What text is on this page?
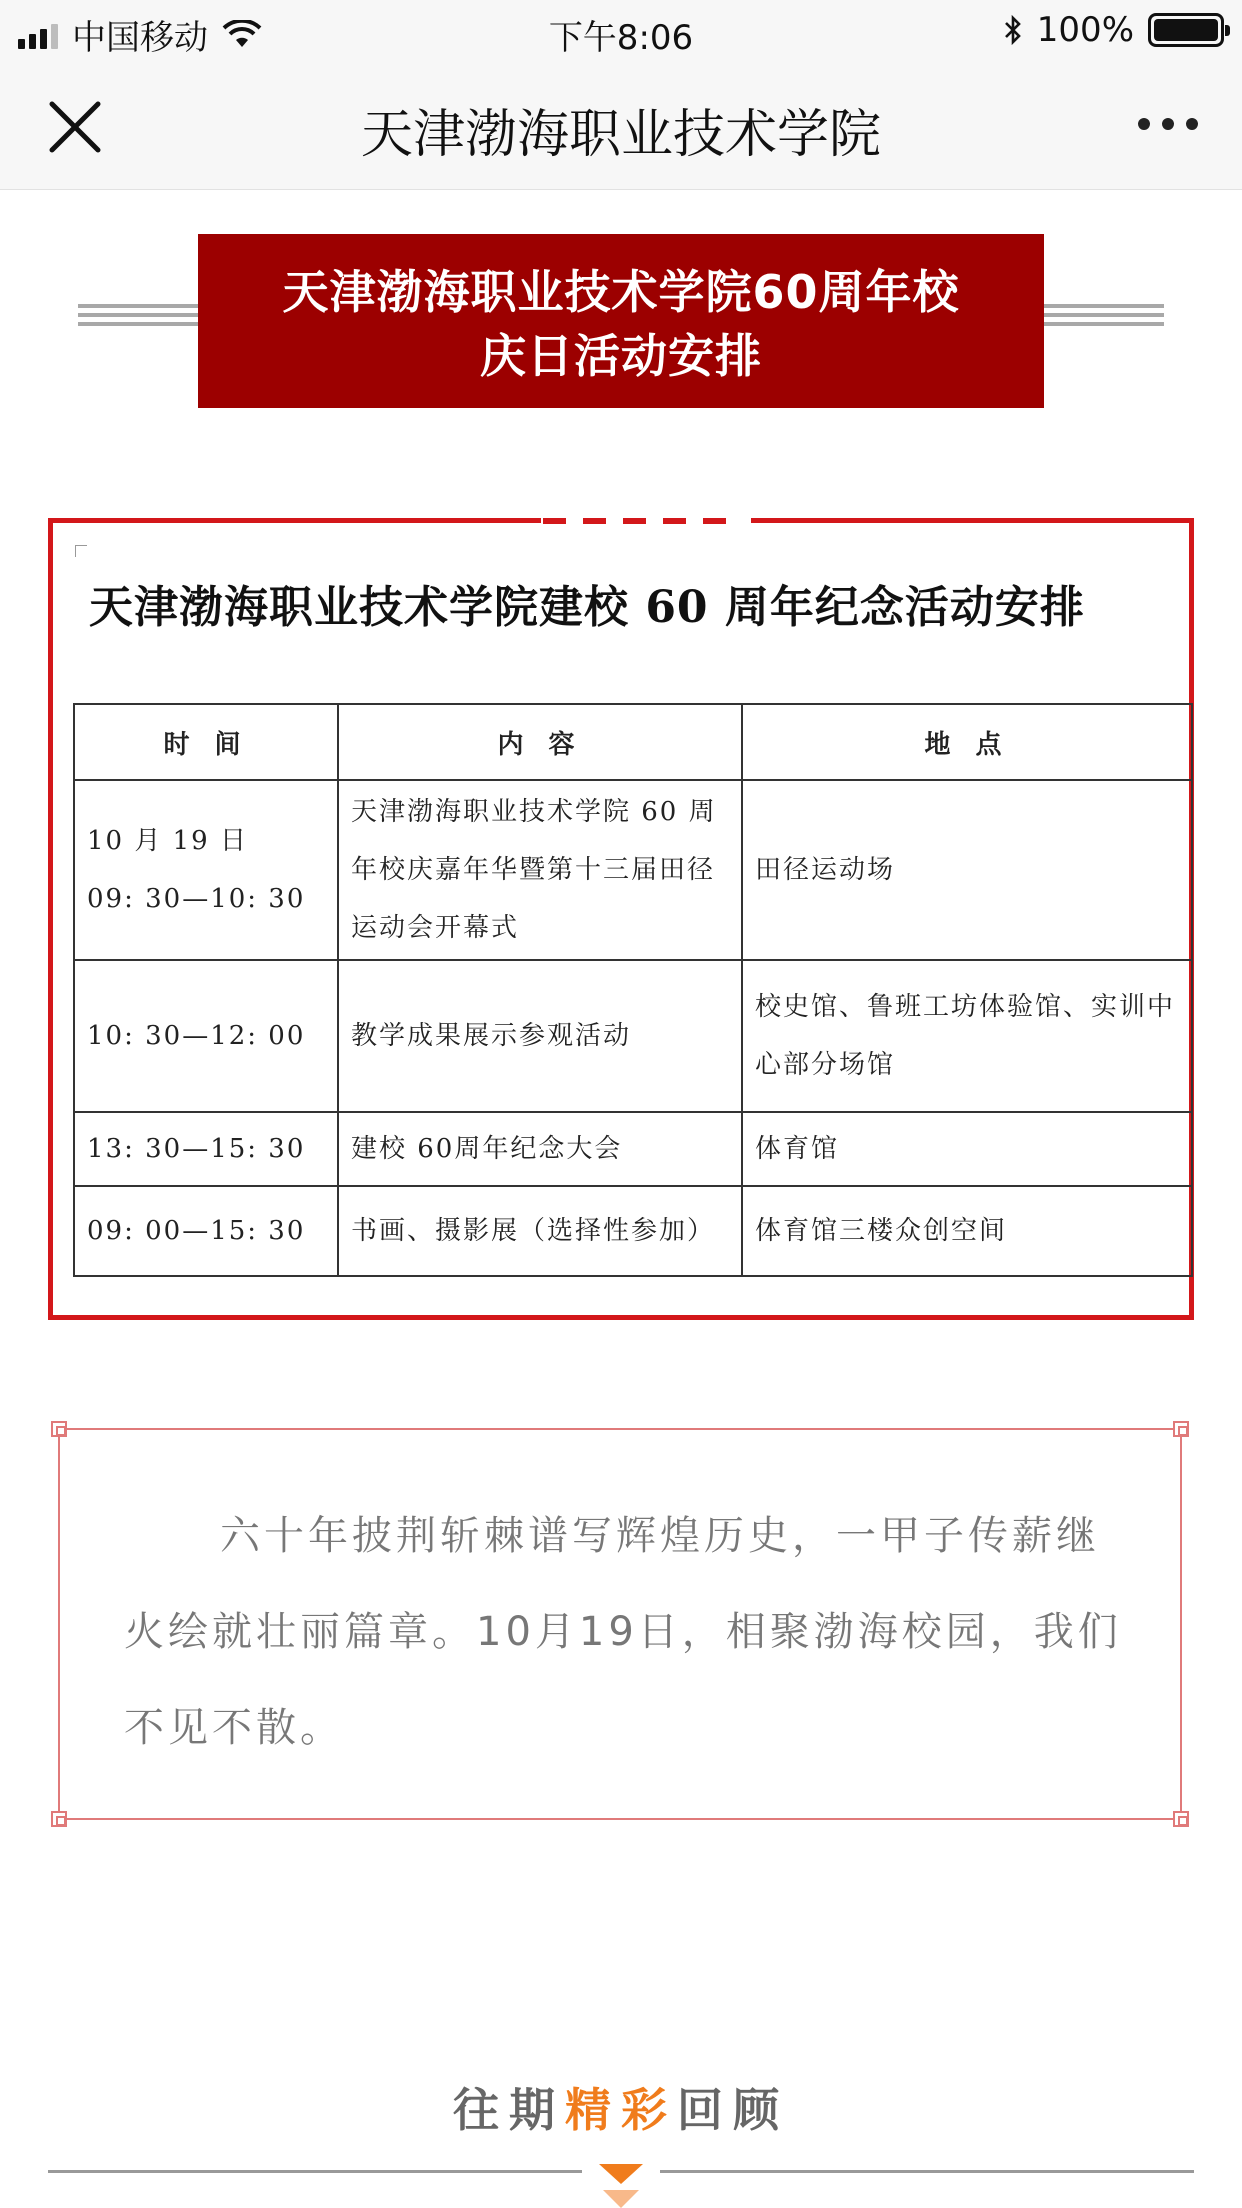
中国移动	下午8:06	100%
天津渤海职业技术学院
天津渤海职业技术学院60周年校
庆日活动安排
天津渤海职业技术学院建校 60 周年纪念活动安排
时 间	内 容	地 点

10 月 19 日
09: 30—10: 30	天津渤海职业技术学院 60 周年校庆嘉年华暨第十三届田径运动会开幕式	田径运动场
10: 30—12: 00	教学成果展示参观活动	校史馆、鲁班工坊体验馆、实训中心部分场馆
13: 30—15: 30	建校 60周年纪念大会	体育馆
09: 00—15: 30	书画、摄影展（选择性参加）	体育馆三楼众创空间

六十年披荆斩棘谱写辉煌历史，一甲子传薪继火绘就壮丽篇章。10月19日，相聚渤海校园，我们不见不散。

往期精彩回顾
